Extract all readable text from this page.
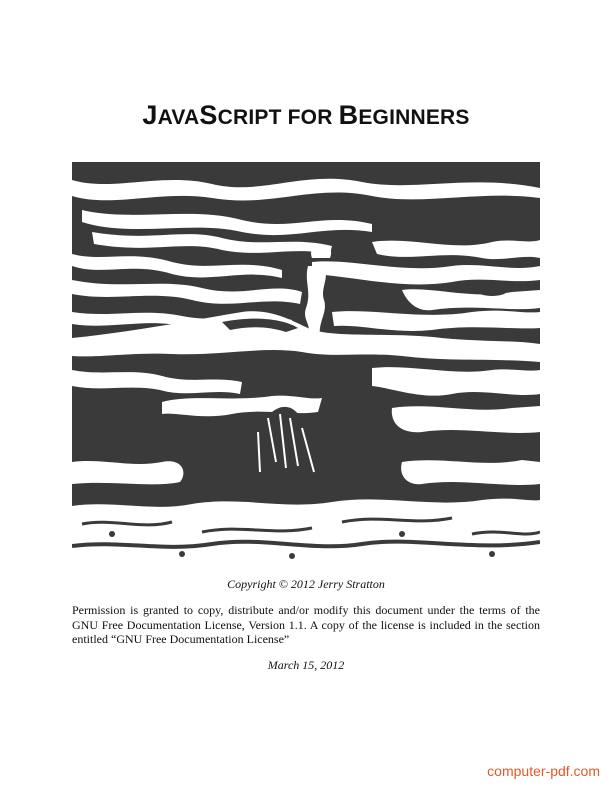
JAVASCRIPT FOR BEGINNERS

Copyright © 2012 Jerry Stratton

Permission is granted to copy, distribute and/or modify this document under the terms of the GNU Free Documentation License, Version 1.1. A copy of the license is included in the section entitled “GNU Free Documentation License”

March 15, 2012

computer-pdf.com
